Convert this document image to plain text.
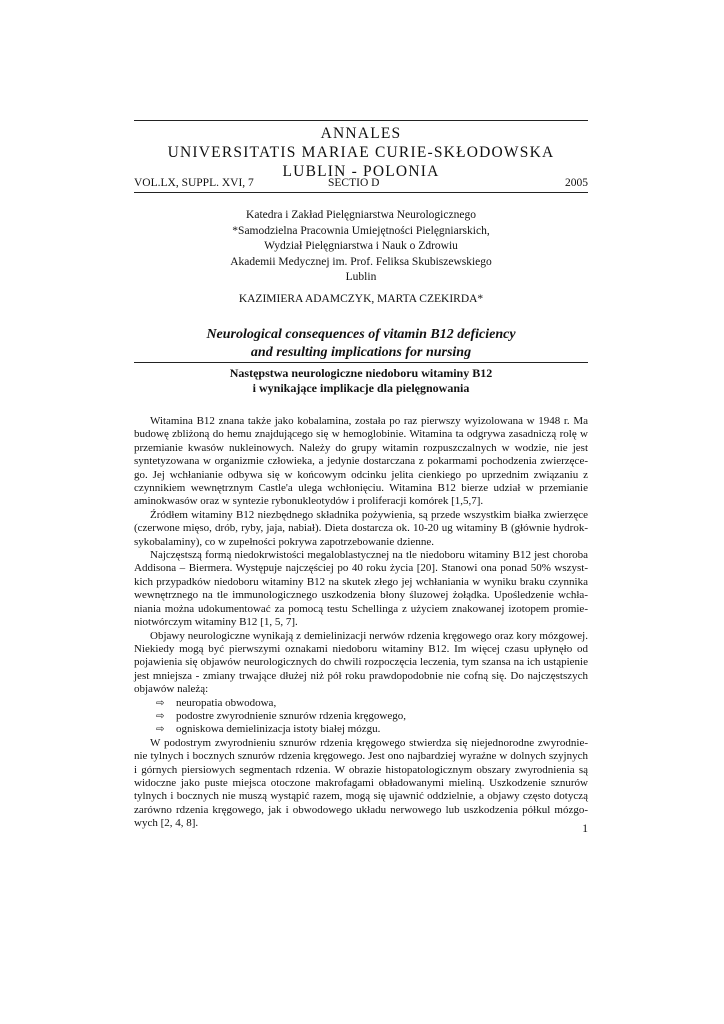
ANNALES
UNIVERSITATIS MARIAE CURIE-SKŁODOWSKA
LUBLIN - POLONIA
VOL.LX, SUPPL. XVI, 7	SECTIO D	2005
Katedra i Zakład Pielęgniarstwa Neurologicznego
*Samodzielna Pracownia Umiejętności Pielęgniarskich,
Wydział Pielęgniarstwa i Nauk o Zdrowiu
Akademii Medycznej im. Prof. Feliksa Skubiszewskiego
Lublin
KAZIMIERA ADAMCZYK, MARTA CZEKIRDA*
Neurological consequences of vitamin B12 deficiency
and resulting implications for nursing
Następstwa neurologiczne niedoboru witaminy B12
i wynikające implikacje dla pielęgnowania

Witamina B12 znana także jako kobalamina, została po raz pierwszy wyizolowana w 1948 r. Ma budowę zbliżoną do hemu znajdującego się w hemoglobinie. Witamina ta odgrywa zasadniczą rolę w przemianie kwasów nukleinowych. Należy do grupy witamin rozpuszczalnych w wodzie, nie jest syntetyzowana w organizmie człowieka, a jedynie dostarczana z pokarmami pochodzenia zwierzęcego. Jej wchłanianie odbywa się w końcowym odcinku jelita cienkiego po uprzednim związaniu z czynnikiem wewnętrznym Castle'a ulega wchłonięciu. Witamina B12 bierze udział w przemianie aminokwasów oraz w syntezie rybonukleotydów i proliferacji komórek [1,5,7].

Źródłem witaminy B12 niezbędnego składnika pożywienia, są przede wszystkim białka zwierzęce (czerwone mięso, drób, ryby, jaja, nabiał). Dieta dostarcza ok. 10-20 ug witaminy B (głównie hydroksykobalaminy), co w zupełności pokrywa zapotrzebowanie dzienne.

Najczęstszą formą niedokrwistości megaloblastycznej na tle niedoboru witaminy B12 jest choroba Addisona – Biermera. Występuje najczęściej po 40 roku życia [20]. Stanowi ona ponad 50% wszystkich przypadków niedoboru witaminy B12 na skutek złego jej wchłaniania w wyniku braku czynnika wewnętrznego na tle immunologicznego uszkodzenia błony śluzowej żołądka. Upośledzenie wchłaniania można udokumentować za pomocą testu Schellinga z użyciem znakowanej izotopem promieniotwórczym witaminy B12 [1, 5, 7].

Objawy neurologiczne wynikają z demielinizacji nerwów rdzenia kręgowego oraz kory mózgowej. Niekiedy mogą być pierwszymi oznakami niedoboru witaminy B12. Im więcej czasu upłynęło od pojawienia się objawów neurologicznych do chwili rozpoczęcia leczenia, tym szansa na ich ustąpienie jest mniejsza - zmiany trwające dłużej niż pół roku prawdopodobnie nie cofną się. Do najczęstszych objawów należą:

⇨ neuropatia obwodowa,
⇨ podostre zwyrodnienie sznurów rdzenia kręgowego,
⇨ ogniskowa demielinizacja istoty białej mózgu.

W podostrym zwyrodnieniu sznurów rdzenia kręgowego stwierdza się niejednorodne zwyrodnienie tylnych i bocznych sznurów rdzenia kręgowego. Jest ono najbardziej wyraźne w dolnych szyjnych i górnych piersiowych segmentach rdzenia. W obrazie histopatologicznym obszary zwyrodnienia są widoczne jako puste miejsca otoczone makrofagami obładowanymi mieliną. Uszkodzenie sznurów tylnych i bocznych nie muszą wystąpić razem, mogą się ujawnić oddzielnie, a objawy często dotyczą zarówno rdzenia kręgowego, jak i obwodowego układu nerwowego lub uszkodzenia półkul mózgowych [2, 4, 8].	1
